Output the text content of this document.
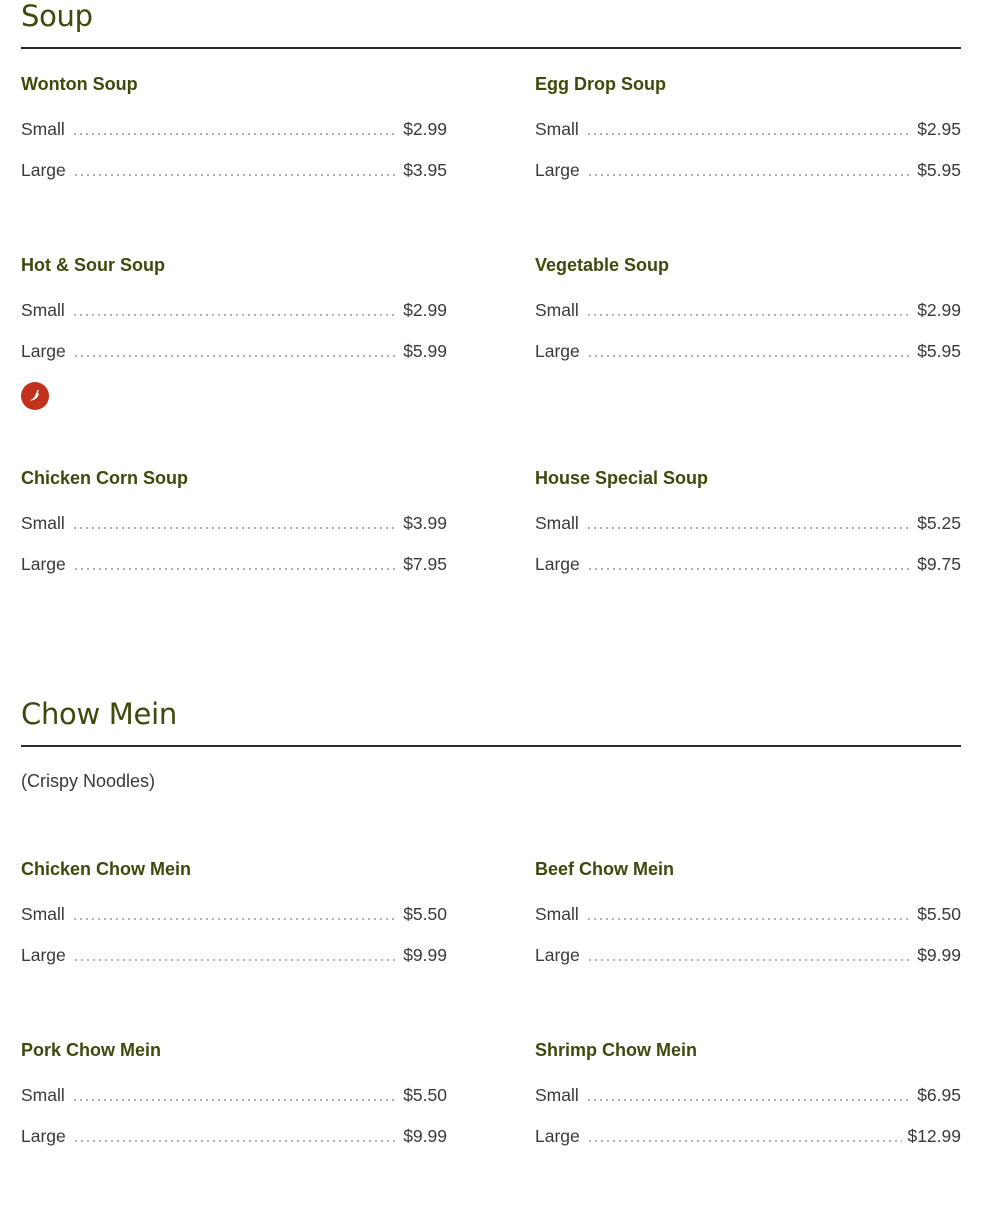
Soup
Wonton Soup
Small	$2.99
Large	$3.95
Egg Drop Soup
Small	$2.95
Large	$5.95
Hot & Sour Soup
Small	$2.99
Large	$5.99
Vegetable Soup
Small	$2.99
Large	$5.95
Chicken Corn Soup
Small	$3.99
Large	$7.95
House Special Soup
Small	$5.25
Large	$9.75
Chow Mein
(Crispy Noodles)
Chicken Chow Mein
Small	$5.50
Large	$9.99
Beef Chow Mein
Small	$5.50
Large	$9.99
Pork Chow Mein
Small	$5.50
Large	$9.99
Shrimp Chow Mein
Small	$6.95
Large	$12.99
